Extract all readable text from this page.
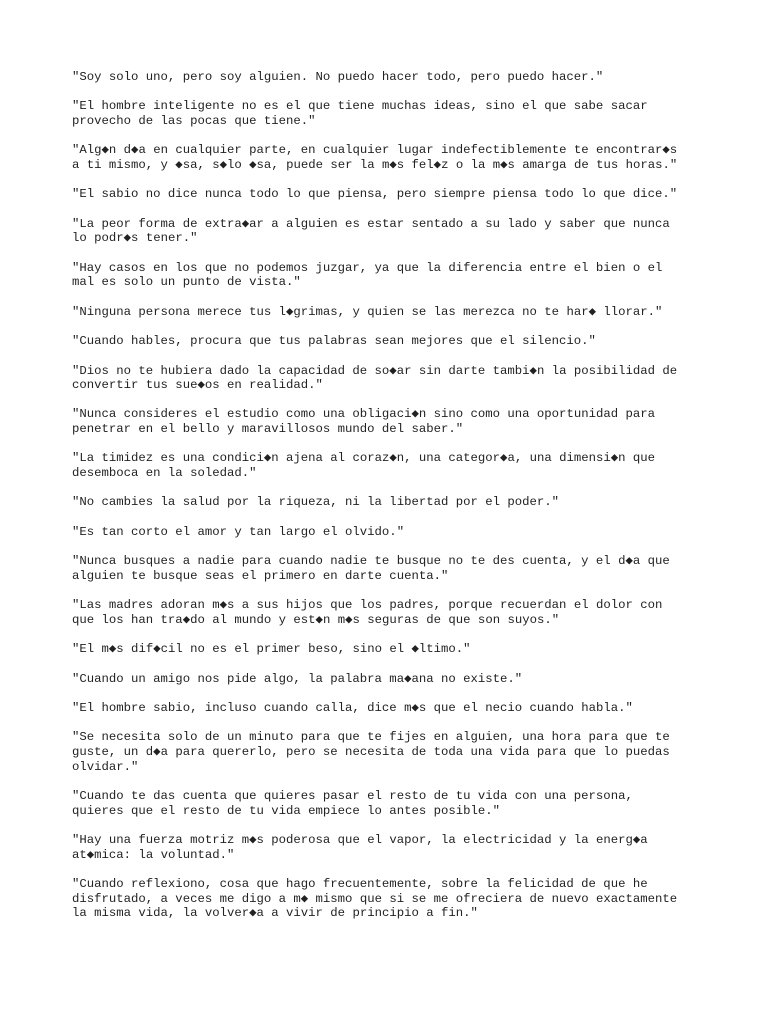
"Soy solo uno, pero soy alguien. No puedo hacer todo, pero puedo hacer."

"El hombre inteligente no es el que tiene muchas ideas, sino el que sabe sacar
provecho de las pocas que tiene."

"Alg◆n d◆a en cualquier parte, en cualquier lugar indefectiblemente te encontrar◆s
a ti mismo, y ◆sa, s◆lo ◆sa, puede ser la m◆s fel◆z o la m◆s amarga de tus horas."

"El sabio no dice nunca todo lo que piensa, pero siempre piensa todo lo que dice."

"La peor forma de extra◆ar a alguien es estar sentado a su lado y saber que nunca
lo podr◆s tener."

"Hay casos en los que no podemos juzgar, ya que la diferencia entre el bien o el
mal es solo un punto de vista."

"Ninguna persona merece tus l◆grimas, y quien se las merezca no te har◆ llorar."

"Cuando hables, procura que tus palabras sean mejores que el silencio."

"Dios no te hubiera dado la capacidad de so◆ar sin darte tambi◆n la posibilidad de
convertir tus sue◆os en realidad."

"Nunca consideres el estudio como una obligaci◆n sino como una oportunidad para
penetrar en el bello y maravillosos mundo del saber."

"La timidez es una condici◆n ajena al coraz◆n, una categor◆a, una dimensi◆n que
desemboca en la soledad."

"No cambies la salud por la riqueza, ni la libertad por el poder."

"Es tan corto el amor y tan largo el olvido."

"Nunca busques a nadie para cuando nadie te busque no te des cuenta, y el d◆a que
alguien te busque seas el primero en darte cuenta."

"Las madres adoran m◆s a sus hijos que los padres, porque recuerdan el dolor con
que los han tra◆do al mundo y est◆n m◆s seguras de que son suyos."

"El m◆s dif◆cil no es el primer beso, sino el ◆ltimo."

"Cuando un amigo nos pide algo, la palabra ma◆ana no existe."

"El hombre sabio, incluso cuando calla, dice m◆s que el necio cuando habla."

"Se necesita solo de un minuto para que te fijes en alguien, una hora para que te
guste, un d◆a para quererlo, pero se necesita de toda una vida para que lo puedas
olvidar."

"Cuando te das cuenta que quieres pasar el resto de tu vida con una persona,
quieres que el resto de tu vida empiece lo antes posible."

"Hay una fuerza motriz m◆s poderosa que el vapor, la electricidad y la energ◆a
at◆mica: la voluntad."

"Cuando reflexiono, cosa que hago frecuentemente, sobre la felicidad de que he
disfrutado, a veces me digo a m◆ mismo que si se me ofreciera de nuevo exactamente
la misma vida, la volver◆a a vivir de principio a fin."
